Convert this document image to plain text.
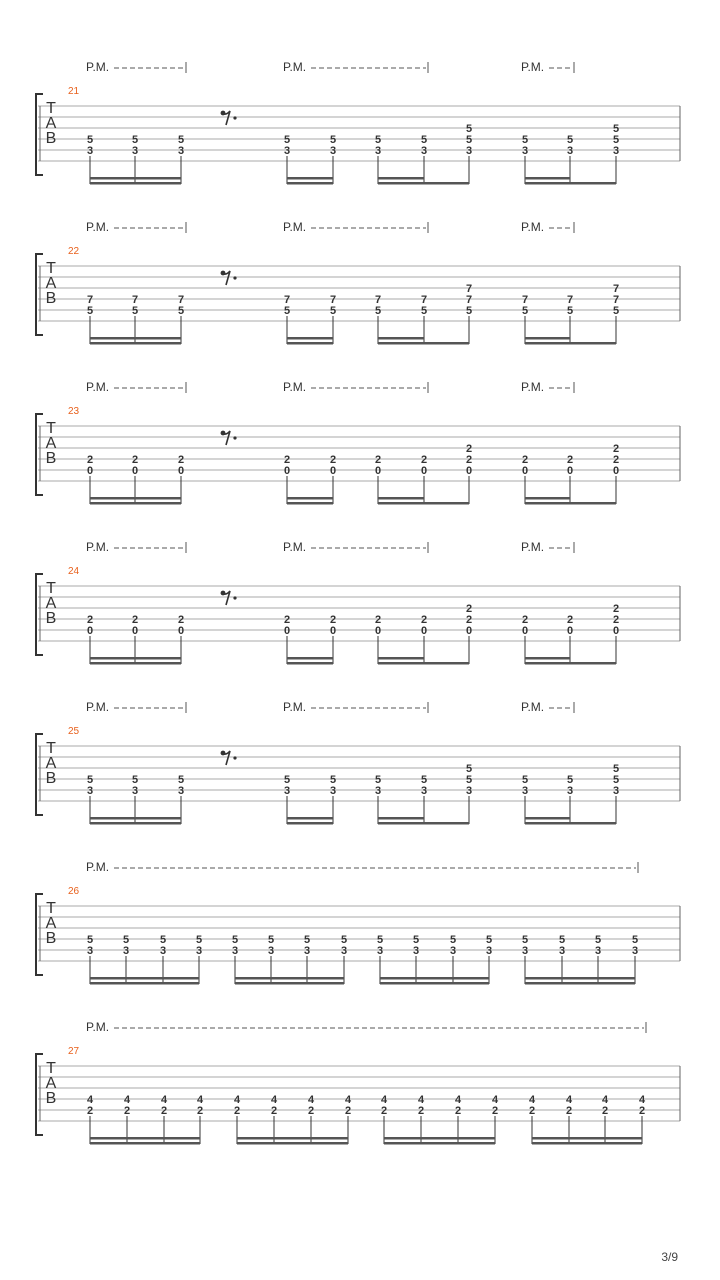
P.M.	P.M.	P.M.
21
T
A
B	5
3
5
3
5
3
5
3
5
3
5
3
5
3
5
5
3
5
3
5
3
5
5
3
P.M.	P.M.	P.M.
22
T
A
B	7
5
7
5
7
5
7
5
7
5
7
5
7
5
7
7
5
7
5
7
5
7
7
5
P.M.	P.M.	P.M.
23
T
A
B	2
0
2
0
2
0
2
0
2
0
2
0
2
0
2
2
0
2
0
2
0
2
2
0
P.M.	P.M.	P.M.
24
T
A
B	2
0
2
0
2
0
2
0
2
0
2
0
2
0
2
2
0
2
0
2
0
2
2
0
P.M.	P.M.	P.M.
25
T
A
B	5
3
5
3
5
3
5
3
5
3
5
3
5
3
5
5
3
5
3
5
3
5
5
3
P.M.
26
T
A
B	5
3
5
3
5
3
5
3
5
3
5
3
5
3
5
3
5
3
5
3
5
3
5
3
5
3
5
3
5
3
5
3
P.M.
27
T
A
B	4
2
4
2
4
2
4
2
4
2
4
2
4
2
4
2
4
2
4
2
4
2
4
2
4
2
4
2
4
2
4
2
3/9
